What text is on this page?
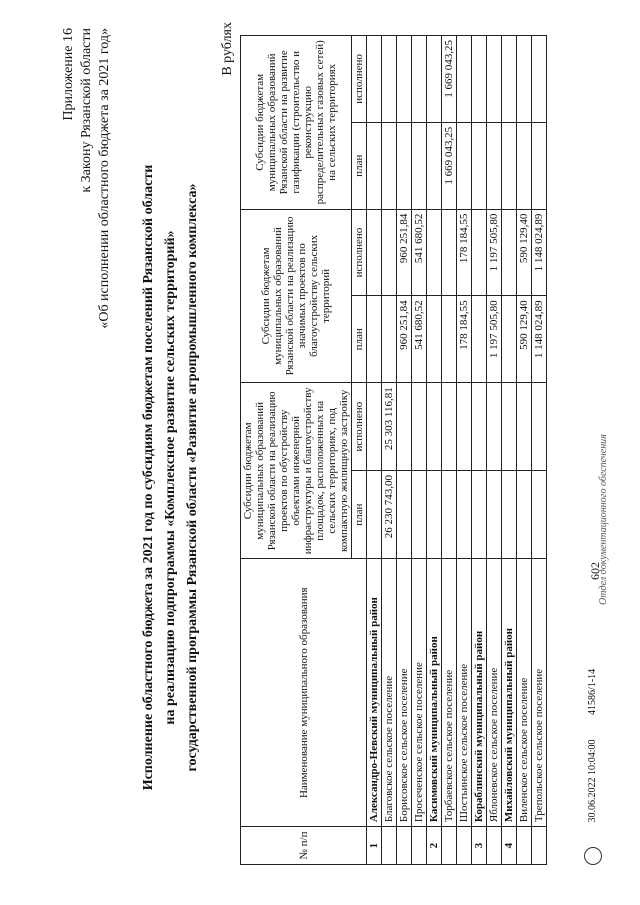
602
Приложение 16 к Закону Рязанской области «Об исполнении областного бюджета за 2021 год» Исполнение областного бюджета за 2021 год по субсидиям бюджетам поселений Рязанской области на реализацию подпрограммы «Комплексное развитие сельских территорий» государственной программы Рязанской области «Развитие агропромышленного комплекса»
В рублях
№ п/п	Наименование муниципального образования	Субсидии бюджетам муниципальных образований Рязанской области на реализацию проектов по обустройству объектами инженерной инфраструктуры и благоустройству площадок, расположенных на сельских территориях, под компактную жилищную застройку		Субсидии бюджетам муниципальных образований Рязанской области на реализацию значимых проектов по благоустройству сельских территорий		Субсидии бюджетам муниципальных образований Рязанской области на развитие газификации (строительство и реконструкцию распределительных газовых сетей) на сельских территориях	
		план	исполнено	план	исполнено	план	исполнено
1	Александро-Невский муниципальный район						
	Благовское сельское поселение	26 230 743,00	25 303 116,81				
	Борисовское сельское поселение			960 251,84	960 251,84		
	Просеченское сельское поселение			541 680,52	541 680,52		
2	Касимовский муниципальный район						
	Торбаевское сельское поселение					1 669 043,25	1 669 043,25
	Шостьинское сельское поселение			178 184,55	178 184,55		
3	Кораблинский муниципальный район						
	Яблоневское сельское поселение			1 197 505,80	1 197 505,80		
4	Михайловский муниципальный район						
	Виленское сельское поселение			590 129,40	590 129,40		
	Трепольское сельское поселение			1 148 024,89	1 148 024,89		
30.06.2022 10:04:00 41586/1-14
Отдел документационного обеспечения
